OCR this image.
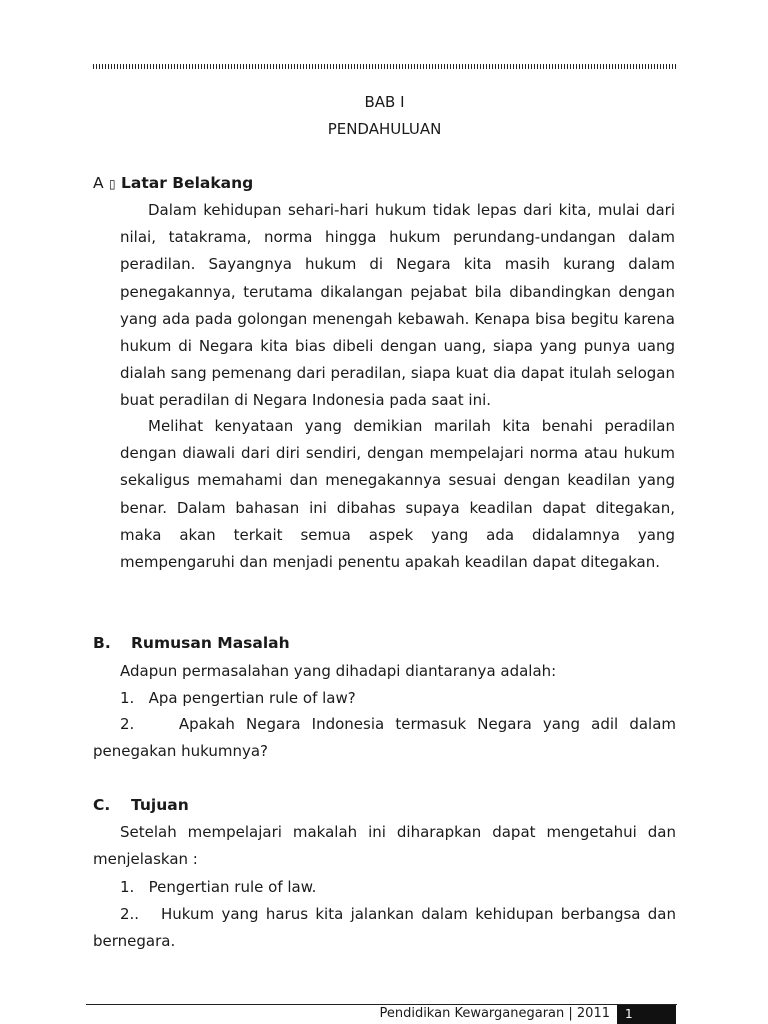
BAB I
PENDAHULUAN
A ▯ Latar Belakang
Dalam kehidupan sehari-hari hukum tidak lepas dari kita, mulai dari nilai, tatakrama, norma hingga hukum perundang-undangan dalam peradilan. Sayangnya hukum di Negara kita masih kurang dalam penegakannya, terutama dikalangan pejabat bila dibandingkan dengan yang ada pada golongan menengah kebawah. Kenapa bisa begitu karena hukum di Negara kita bias dibeli dengan uang, siapa yang punya uang dialah sang pemenang dari peradilan, siapa kuat dia dapat itulah selogan buat peradilan di Negara Indonesia pada saat ini.
Melihat kenyataan yang demikian marilah kita benahi peradilan dengan diawali dari diri sendiri, dengan mempelajari norma atau hukum sekaligus memahami dan menegakannya sesuai dengan keadilan yang benar. Dalam bahasan ini dibahas supaya keadilan dapat ditegakan, maka akan terkait semua aspek yang ada didalamnya yang mempengaruhi dan menjadi penentu apakah keadilan dapat ditegakan.
B. Rumusan Masalah
Adapun permasalahan yang dihadapi diantaranya adalah:
1. Apa pengertian rule of law?
2.	Apakah Negara Indonesia termasuk Negara yang adil dalam penegakan hukumnya?
C. Tujuan
Setelah mempelajari makalah ini diharapkan dapat mengetahui dan menjelaskan :
1. Pengertian rule of law.
2.. Hukum yang harus kita jalankan dalam kehidupan berbangsa dan bernegara.
Pendidikan Kewarganegaran | 2011	1
